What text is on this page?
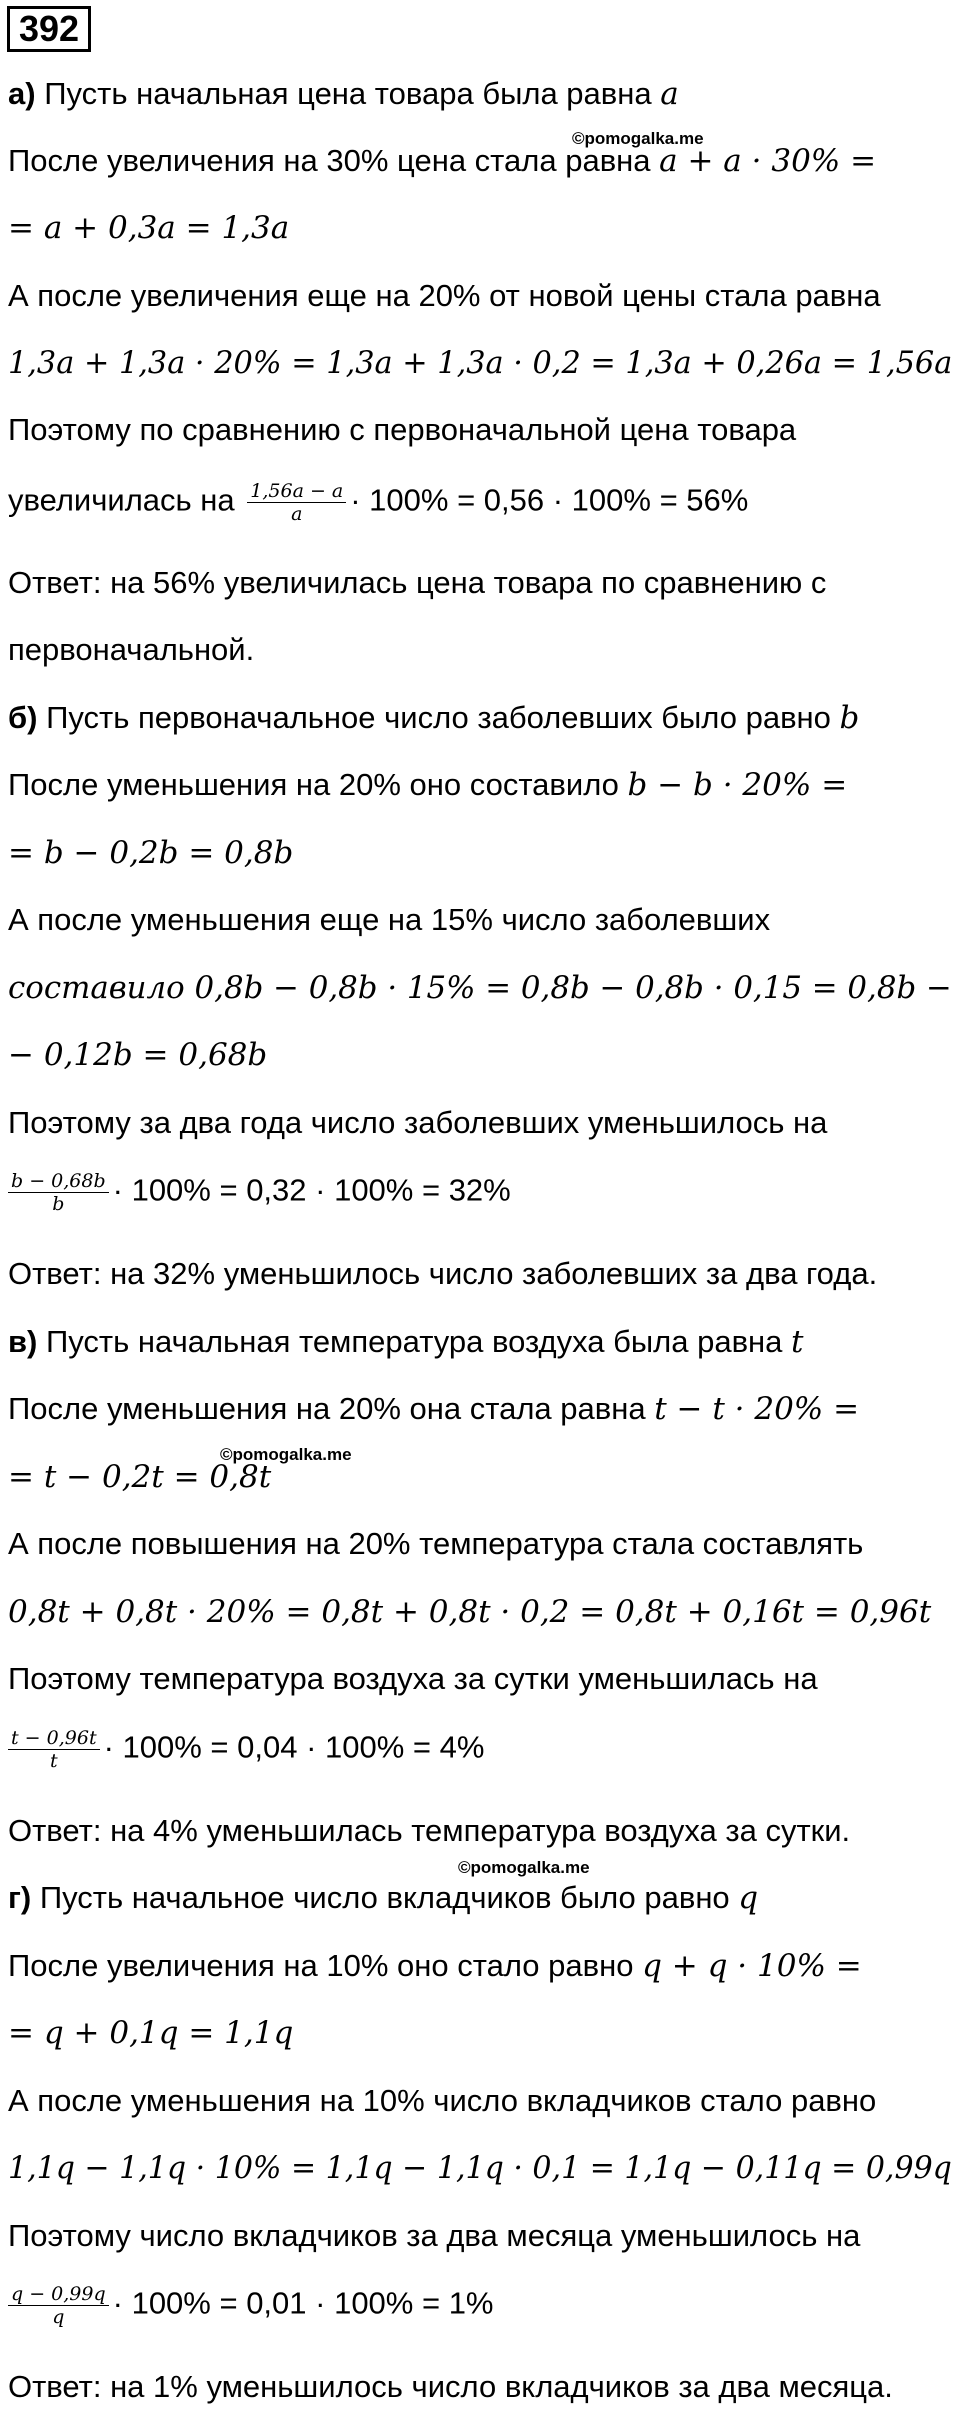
392
а) Пусть начальная цена товара была равна a
©pomogalka.me
После увеличения на 30% цена стала равна a + a · 30% =
= a + 0,3a = 1,3a
А после увеличения еще на 20% от новой цены стала равна
1,3a + 1,3a · 20% = 1,3a + 1,3a · 0,2 = 1,3a + 0,26a = 1,56a
Поэтому по сравнению с первоначальной цена товара
увеличилась на $\frac{1,56a - a}{a} \cdot 100\% = 0,56 \cdot 100\% = 56\%$
Ответ: на 56% увеличилась цена товара по сравнению с
первоначальной.
б) Пусть первоначальное число заболевших было равно b
После уменьшения на 20% оно составило b − b · 20% =
= b − 0,2b = 0,8b
А после уменьшения еще на 15% число заболевших
составило 0,8b − 0,8b · 15% = 0,8b − 0,8b · 0,15 = 0,8b −
− 0,12b = 0,68b
Поэтому за два года число заболевших уменьшилось на
$\frac{b - 0,68b}{b} \cdot 100\% = 0,32 \cdot 100\% = 32\%$
Ответ: на 32% уменьшилось число заболевших за два года.
в) Пусть начальная температура воздуха была равна t
После уменьшения на 20% она стала равна t − t · 20% =
©pomogalka.me
= t − 0,2t = 0,8t
А после повышения на 20% температура стала составлять
0,8t + 0,8t · 20% = 0,8t + 0,8t · 0,2 = 0,8t + 0,16t = 0,96t
Поэтому температура воздуха за сутки уменьшилась на
$\frac{t - 0,96t}{t} \cdot 100\% = 0,04 \cdot 100\% = 4\%$
Ответ: на 4% уменьшилась температура воздуха за сутки.
©pomogalka.me
г) Пусть начальное число вкладчиков было равно q
После увеличения на 10% оно стало равно q + q · 10% =
= q + 0,1q = 1,1q
А после уменьшения на 10% число вкладчиков стало равно
1,1q − 1,1q · 10% = 1,1q − 1,1q · 0,1 = 1,1q − 0,11q = 0,99q
Поэтому число вкладчиков за два месяца уменьшилось на
$\frac{q - 0,99q}{q} \cdot 100\% = 0,01 \cdot 100\% = 1\%$
Ответ: на 1% уменьшилось число вкладчиков за два месяца.
